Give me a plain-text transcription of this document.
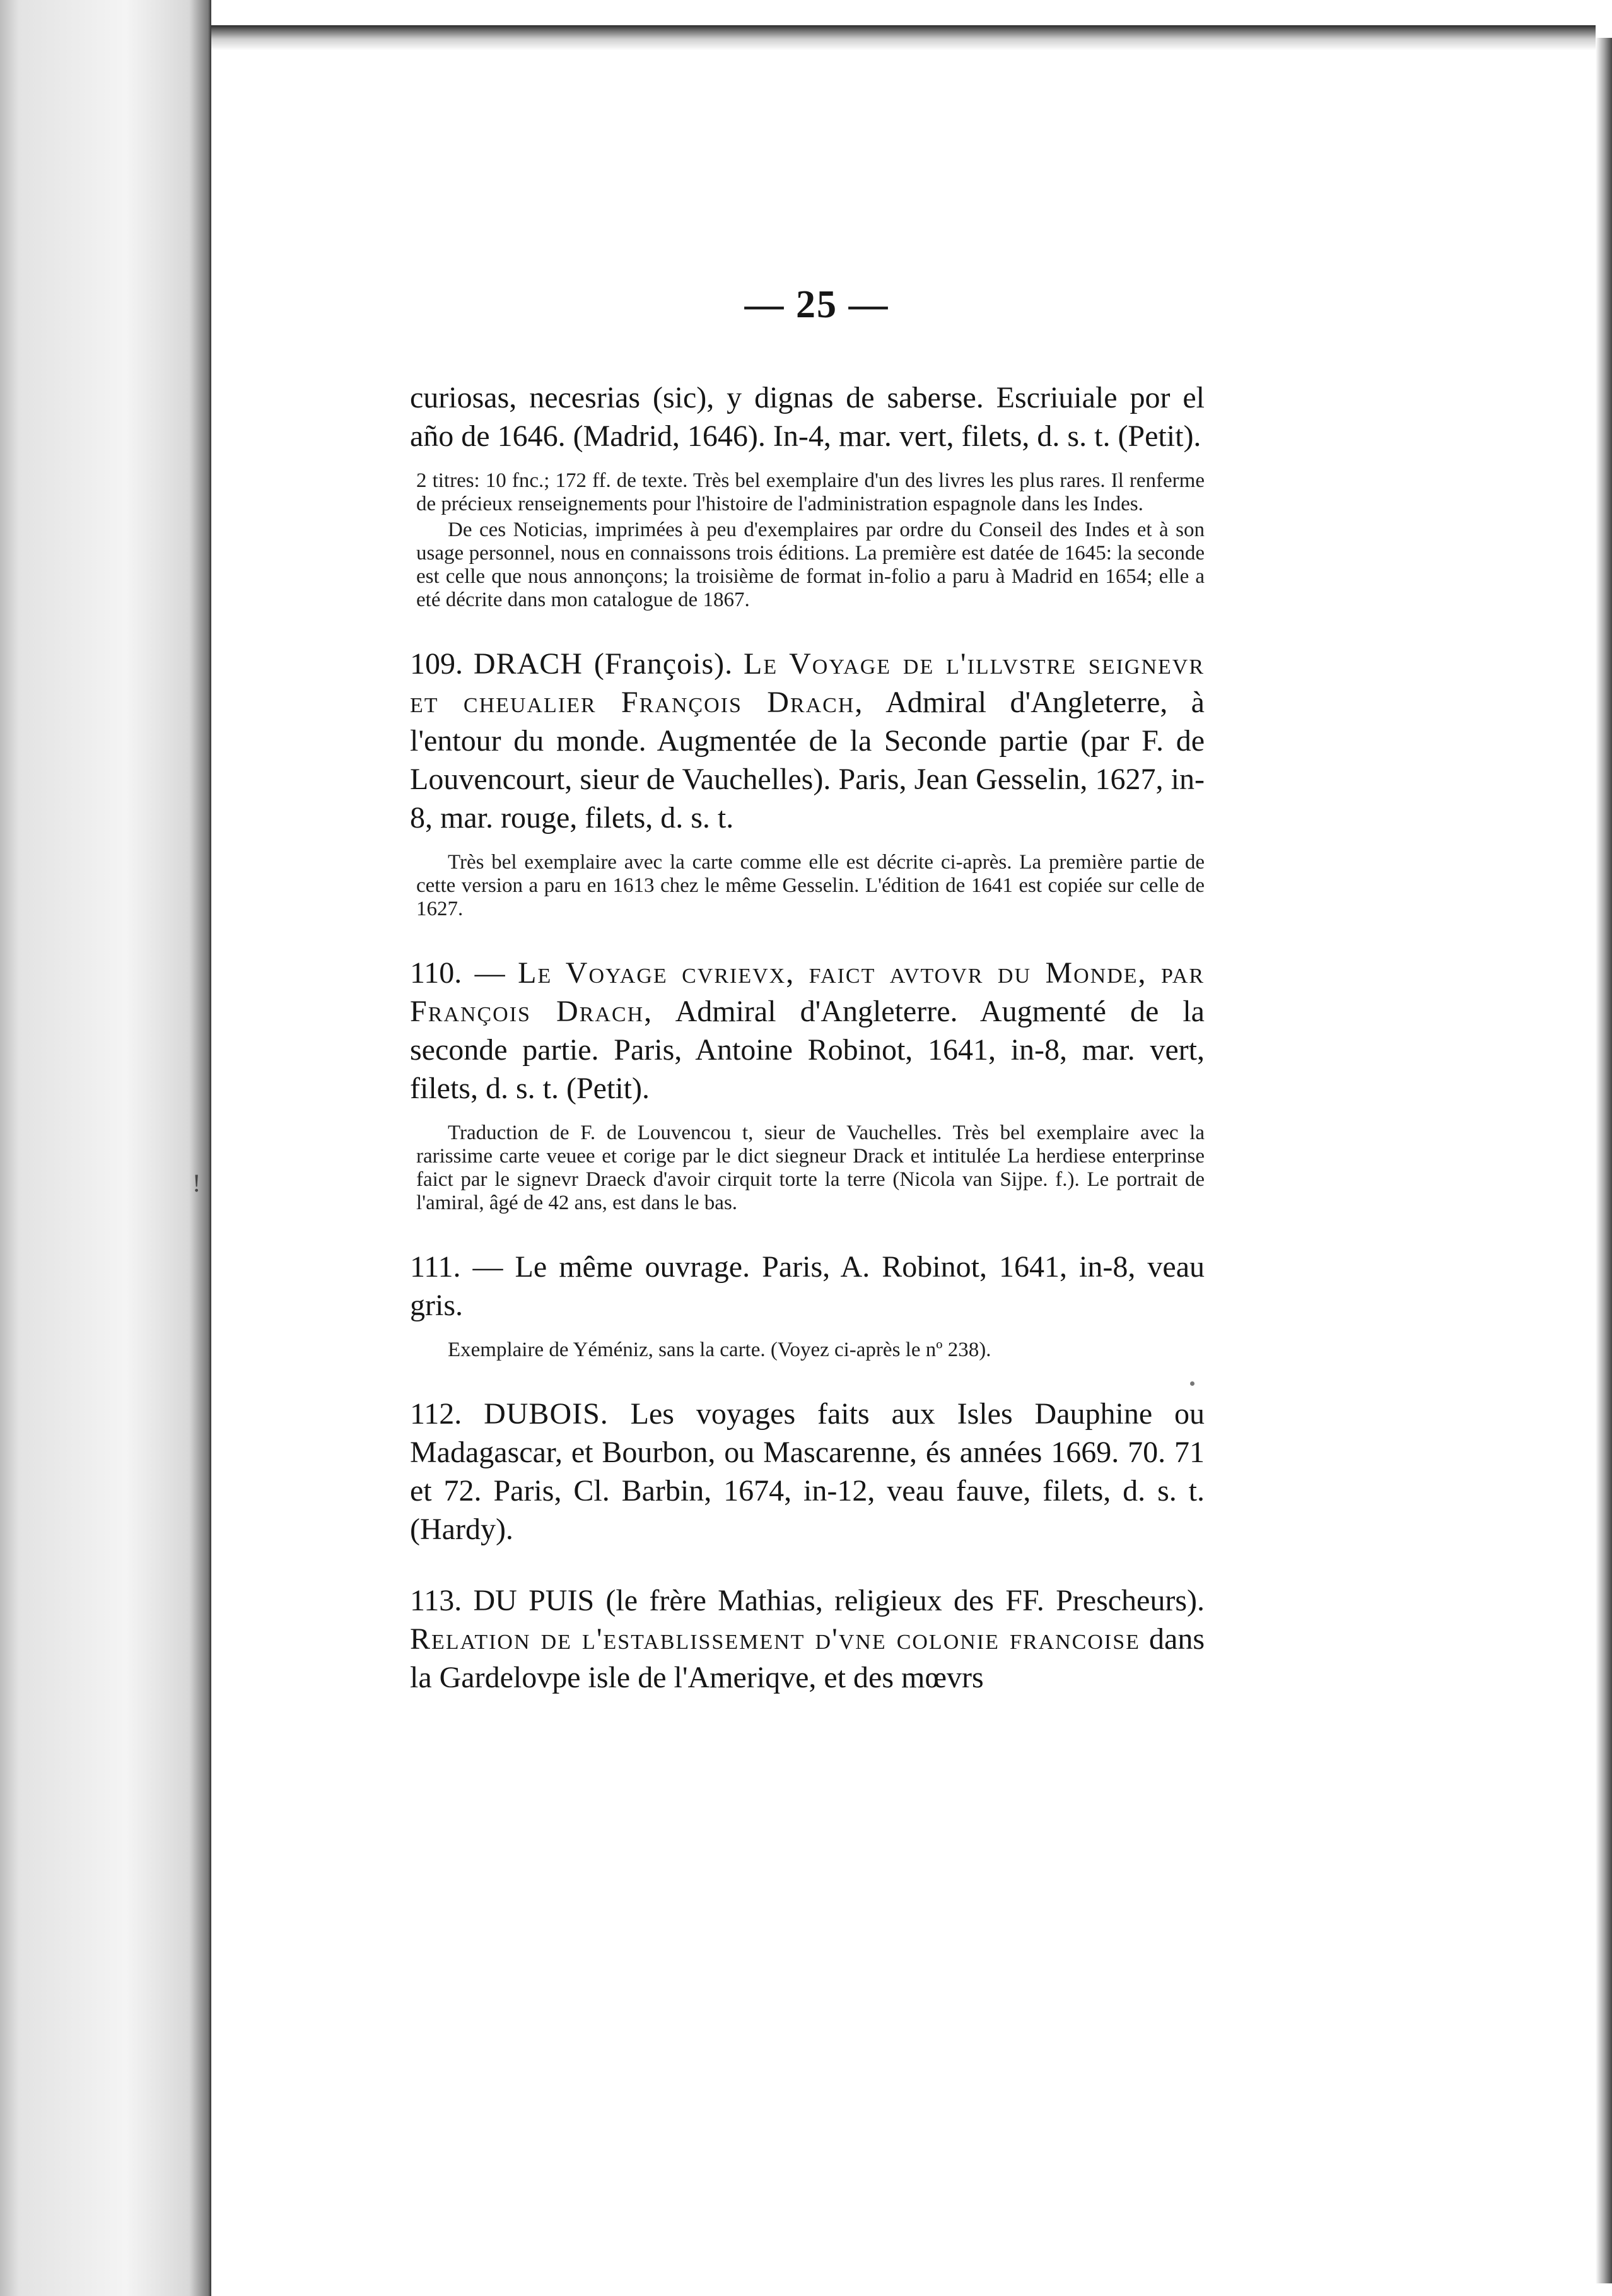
— 25 —
!

curiosas, necesrias (sic), y dignas de saberse. Escriuiale por el año de 1646. (Madrid, 1646). In-4, mar. vert, filets, d. s. t. (Petit).

2 titres: 10 fnc.; 172 ff. de texte. Très bel exemplaire d'un des livres les plus rares. Il renferme de précieux renseignements pour l'histoire de l'administration espagnole dans les Indes.

De ces Noticias, imprimées à peu d'exemplaires par ordre du Conseil des Indes et à son usage personnel, nous en connaissons trois éditions. La première est datée de 1645: la seconde est celle que nous annonçons; la troisième de format in-folio a paru à Madrid en 1654; elle a eté décrite dans mon catalogue de 1867.

109. DRACH (François). Le Voyage de l'illvstre seignevr et cheualier François Drach, Admiral d'Angleterre, à l'entour du monde. Augmentée de la Seconde partie (par F. de Louvencourt, sieur de Vauchelles). Paris, Jean Gesselin, 1627, in-8, mar. rouge, filets, d. s. t.

Très bel exemplaire avec la carte comme elle est décrite ci-après. La première partie de cette version a paru en 1613 chez le même Gesselin. L'édition de 1641 est copiée sur celle de 1627.

110. — Le Voyage cvrievx, faict avtovr du Monde, par François Drach, Admiral d'Angleterre. Augmenté de la seconde partie. Paris, Antoine Robinot, 1641, in-8, mar. vert, filets, d. s. t. (Petit).

Traduction de F. de Louvencou t, sieur de Vauchelles. Très bel exemplaire avec la rarissime carte veuee et corige par le dict siegneur Drack et intitulée La herdiese enterprinse faict par le signevr Draeck d'avoir cirquit torte la terre (Nicola van Sijpe. f.). Le portrait de l'amiral, âgé de 42 ans, est dans le bas.

111. — Le même ouvrage. Paris, A. Robinot, 1641, in-8, veau gris.

Exemplaire de Yéméniz, sans la carte. (Voyez ci-après le nº 238).

112. DUBOIS. Les voyages faits aux Isles Dauphine ou Madagascar, et Bourbon, ou Mascarenne, és années 1669. 70. 71 et 72. Paris, Cl. Barbin, 1674, in-12, veau fauve, filets, d. s. t. (Hardy).

113. DU PUIS (le frère Mathias, religieux des FF. Prescheurs). Relation de l'establissement d'vne colonie francoise dans la Gardelovpe isle de l'Ameriqve, et des mœvrs
